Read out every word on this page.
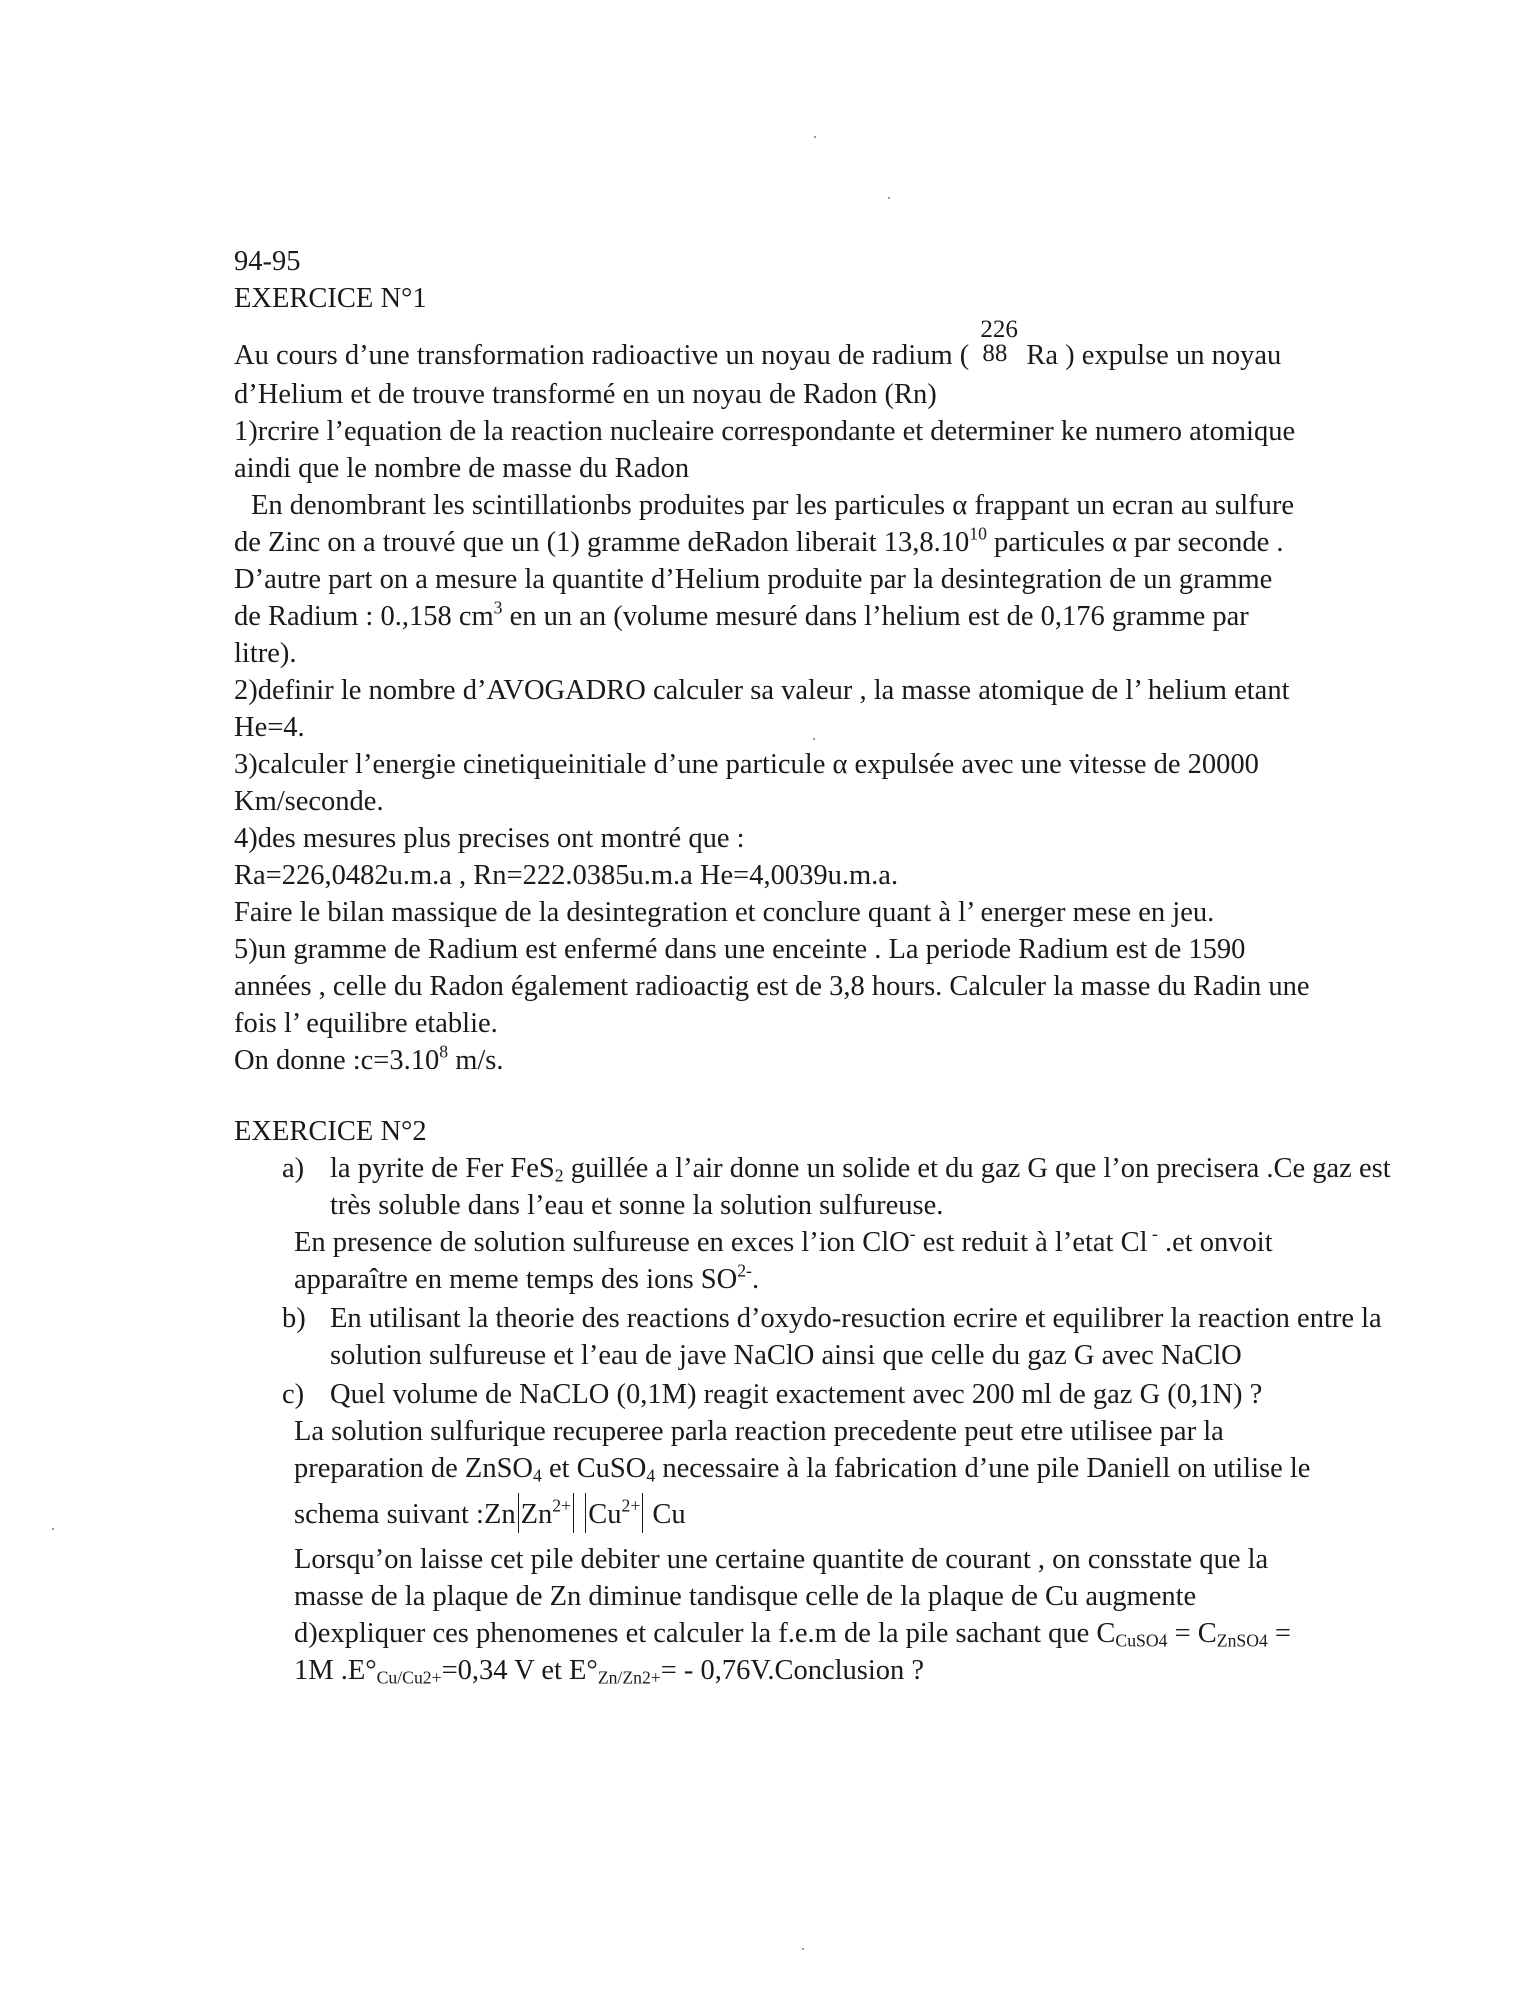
94-95
EXERCICE N°1
Au cours d’une transformation radioactive un noyau de radium (
226
88 Ra ) expulse un noyau
d’Helium et de trouve transformé en un noyau de Radon (Rn)
1)rcrire l’equation de la reaction nucleaire correspondante et determiner ke numero atomique
aindi que le nombre de masse du Radon
En denombrant les scintillationbs produites par les particules α frappant un ecran au sulfure
de Zinc on a trouvé que un (1) gramme deRadon liberait 13,8.10$^{10}$ particules α par seconde .
D’autre part on a mesure la quantite d’Helium produite par la desintegration de un gramme
de Radium : 0.,158 $cm^3$ en un an (volume mesuré dans l’helium est de 0,176 gramme par
litre).
2)definir le nombre d’AVOGADRO calculer sa valeur , la masse atomique de l’ helium etant
He=4.
3)calculer l’energie cinetiqueinitiale d’une particule α expulsée avec une vitesse de 20000
Km/seconde.
4)des mesures plus precises ont montré que :
Ra=226,0482u.m.a , Rn=222.0385u.m.a He=4,0039u.m.a.
Faire le bilan massique de la desintegration et conclure quant à l’ energer mese en jeu.
5)un gramme de Radium est enfermé dans une enceinte . La periode Radium est de 1590
années , celle du Radon également radioactig est de 3,8 hours. Calculer la masse du Radin une
fois l’ equilibre etablie.
On donne $:c=3.10^8$ m/s.
EXERCICE N°2
a) la pyrite de Fer FeS$_2$ guillée a l’air donne un solide et du gaz G que l’on precisera .Ce gaz est très soluble dans l’eau et sonne la solution sulfureuse.
En presence de solution sulfureuse en exces l’ion ClO- est reduit à l’etat Cl - .et onvoit
apparaître en meme temps des ions $SO^{2-}$.
b) En utilisant la theorie des reactions d’oxydo-resuction ecrire et equilibrer la reaction entre la solution sulfureuse et l’eau de jave NaClO ainsi que celle du gaz G avec NaClO
c) Quel volume de NaCLO (0,1M) reagit exactement avec 200 ml de gaz G (0,1N) ?
La solution sulfurique recuperee parla reaction precedente peut etre utilisee par la
preparation de ZnSO$_4$ et CuSO$_4$ necessaire à la fabrication d’une pile Daniell on utilise le
schema suivant :Zn $Zn^{2+}$ $Cu^{2+}$ Cu
Lorsqu’on laisse cet pile debiter une certaine quantite de courant , on consstate que la
masse de la plaque de Zn diminue tandisque celle de la plaque de Cu augmente
d)expliquer ces phenomenes et calculer la f.e.m de la pile sachant que $C_{CuSO4} = C_{ZnSO4}$ =
1M $.E^\circ_{Cu/Cu2+}=0,34$ V et $E^\circ_{Zn/Zn2+}=$ - 0,76V.Conclusion ?
